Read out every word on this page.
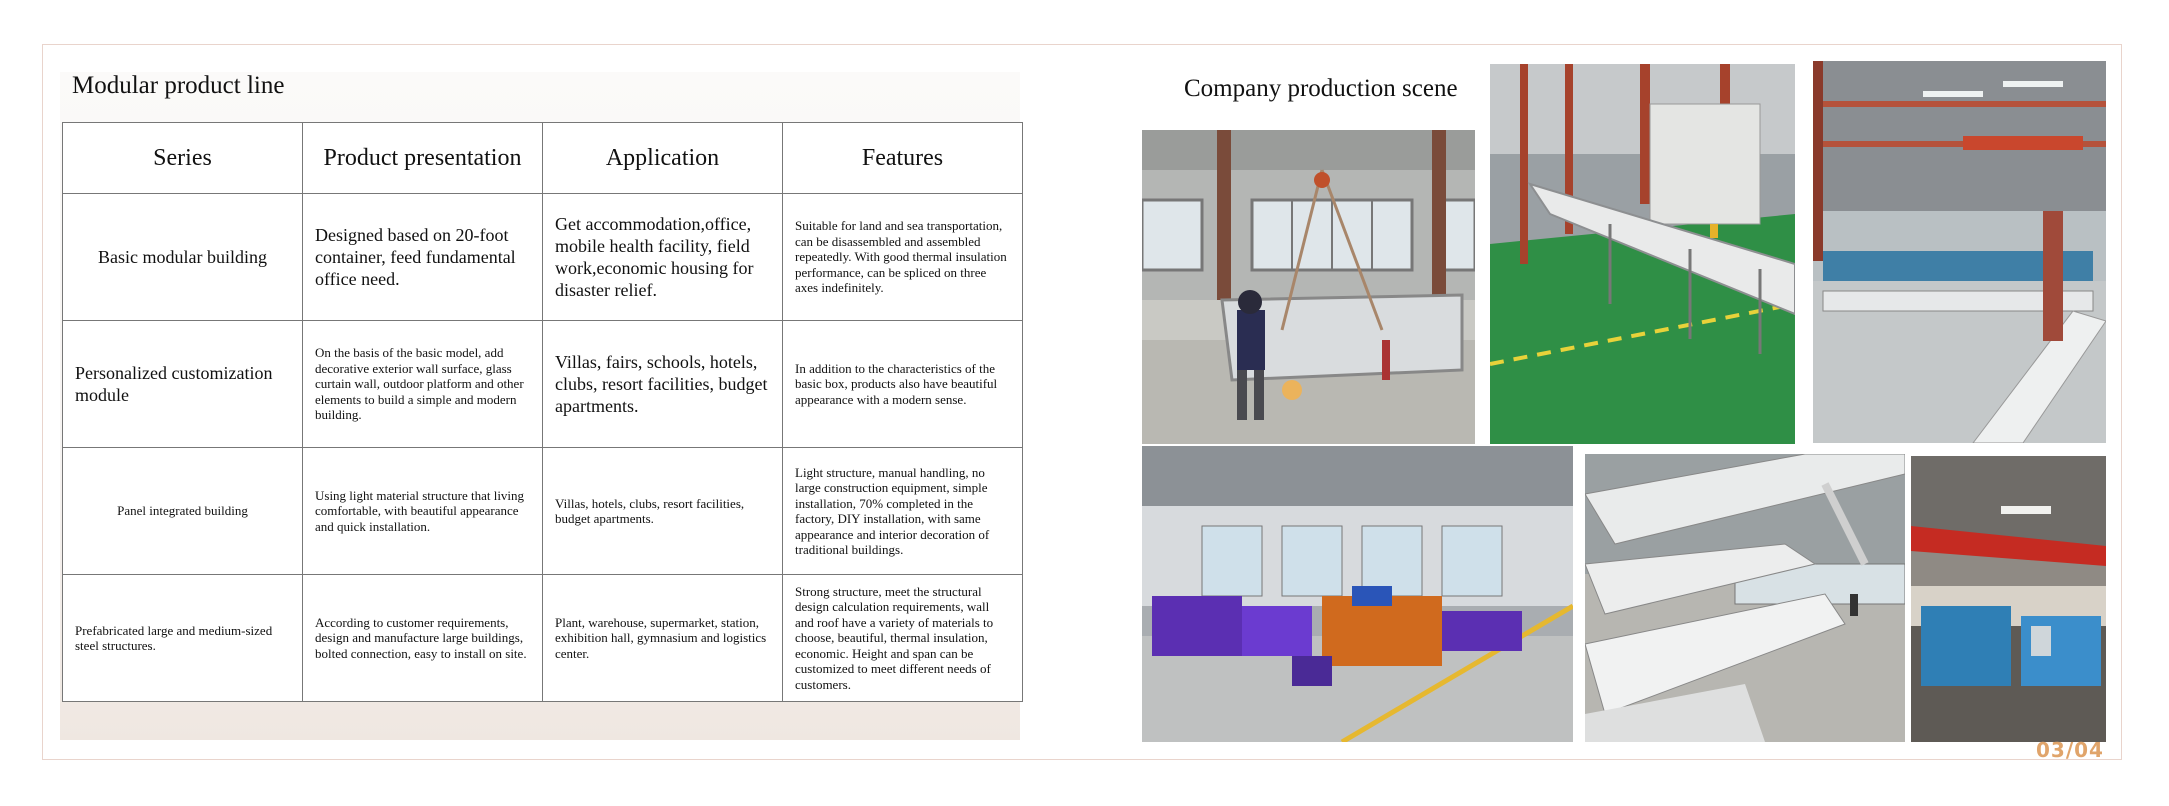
Modular product line
Series	Product presentation	Application	Features
Basic modular building	Designed based on 20-foot container, feed fundamental office need.	Get accommodation,office, mobile health facility, field work,economic housing for disaster relief.	Suitable for land and sea transportation, can be disassembled and assembled repeatedly. With good thermal insulation performance, can be spliced on three axes indefinitely.
Personalized customization module	On the basis of the basic model, add decorative exterior wall surface, glass curtain wall, outdoor platform and other elements to build a simple and modern building.	Villas, fairs, schools, hotels, clubs, resort facilities, budget apartments.	In addition to the characteristics of the basic box, products also have beautiful appearance with a modern sense.
Panel integrated building	Using light material structure that living comfortable, with beautiful appearance and quick installation.	Villas, hotels, clubs, resort facilities, budget apartments.	Light structure, manual handling, no large construction equipment, simple installation, 70% completed in the factory, DIY installation, with same appearance and interior decoration of traditional buildings.
Prefabricated large and medium-sized steel structures.	According to customer requirements, design and manufacture large buildings, bolted connection, easy to install on site.	Plant, warehouse, supermarket, station, exhibition hall, gymnasium and logistics center.	Strong structure, meet the structural design calculation requirements, wall and roof have a variety of materials to choose, beautiful, thermal insulation, economic. Height and span can be customized to meet different needs of customers.
Company production scene
03/04
